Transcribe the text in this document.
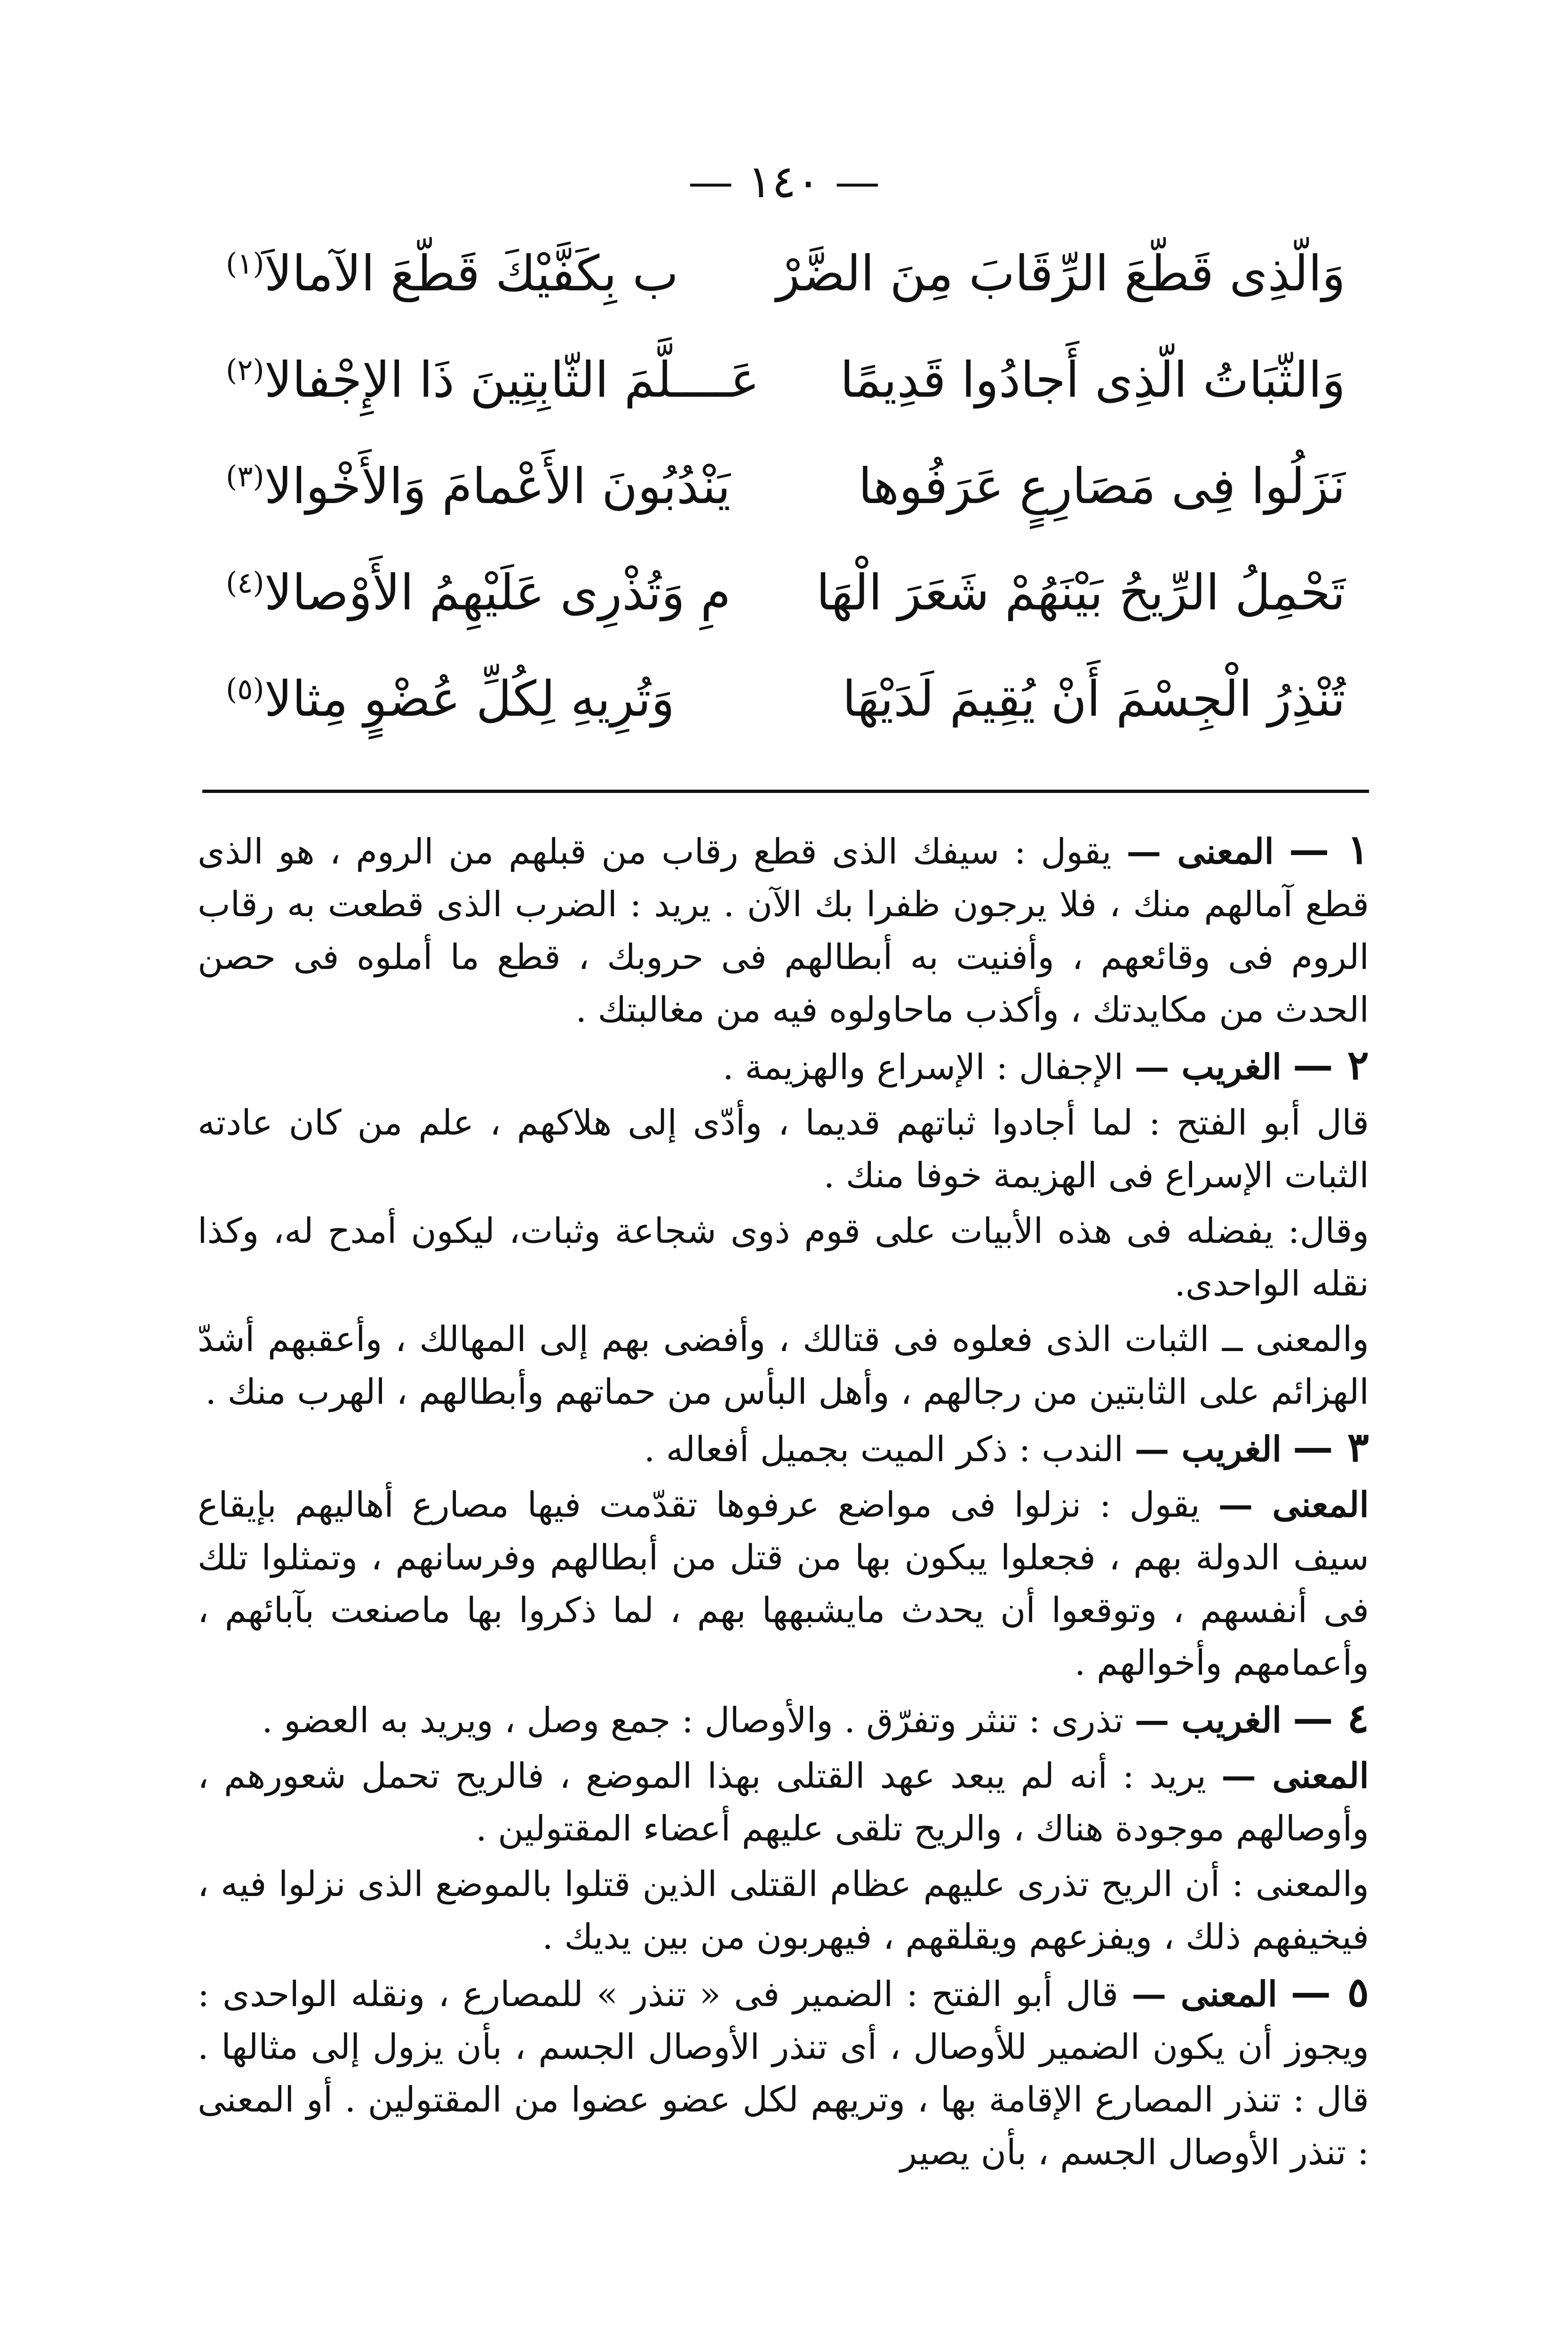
— ١٤٠ —
وَالّذِى قَطّعَ الرِّقَابَ مِنَ الضَّرْ
ب بِكَفَّيْكَ قَطّعَ الآمالاَ$^{(١)}$
وَالثّبَاتُ الّذِى أَجادُوا قَدِيمًا
عَــــلَّمَ الثّابِتِينَ ذَا الإِجْفالا$^{(٢)}$
نَزَلُوا فِى مَصَارِعٍ عَرَفُوها
يَنْدُبُونَ الأَعْمامَ وَالأَخْوالا$^{(٣)}$
تَحْمِلُ الرِّيحُ بَيْنَهُمْ شَعَرَ الْهَا
مِ وَتُذْرِى عَلَيْهِمُ الأَوْصالا$^{(٤)}$
تُنْذِرُ الْجِسْمَ أَنْ يُقِيمَ لَدَيْهَا
وَتُرِيهِ لِكُلِّ عُضْوٍ مِثالا$^{(٥)}$

١ — المعنى — يقول : سيفك الذى قطع رقاب من قبلهم من الروم ، هو الذى قطع آمالهم منك ، فلا يرجون ظفرا بك الآن . يريد : الضرب الذى قطعت به رقاب الروم فى وقائعهم ، وأفنيت به أبطالهم فى حروبك ، قطع ما أملوه فى حصن الحدث من مكايدتك ، وأكذب ماحاولوه فيه من مغالبتك .

٢ — الغريب — الإجفال : الإسراع والهزيمة .

قال أبو الفتح : لما أجادوا ثباتهم قديما ، وأدّى إلى هلاكهم ، علم من كان عادته الثبات الإسراع فى الهزيمة خوفا منك .

وقال: يفضله فى هذه الأبيات على قوم ذوى شجاعة وثبات، ليكون أمدح له، وكذا نقله الواحدى.

والمعنى ــ الثبات الذى فعلوه فى قتالك ، وأفضى بهم إلى المهالك ، وأعقبهم أشدّ الهزائم على الثابتين من رجالهم ، وأهل البأس من حماتهم وأبطالهم ، الهرب منك .

٣ — الغريب — الندب : ذكر الميت بجميل أفعاله .

المعنى — يقول : نزلوا فى مواضع عرفوها تقدّمت فيها مصارع أهاليهم بإيقاع سيف الدولة بهم ، فجعلوا يبكون بها من قتل من أبطالهم وفرسانهم ، وتمثلوا تلك فى أنفسهم ، وتوقعوا أن يحدث مايشبهها بهم ، لما ذكروا بها ماصنعت بآبائهم ، وأعمامهم وأخوالهم .

٤ — الغريب — تذرى : تنثر وتفرّق . والأوصال : جمع وصل ، ويريد به العضو .

المعنى — يريد : أنه لم يبعد عهد القتلى بهذا الموضع ، فالريح تحمل شعورهم ، وأوصالهم موجودة هناك ، والريح تلقى عليهم أعضاء المقتولين .

والمعنى : أن الريح تذرى عليهم عظام القتلى الذين قتلوا بالموضع الذى نزلوا فيه ، فيخيفهم ذلك ، ويفزعهم ويقلقهم ، فيهربون من بين يديك .

٥ — المعنى — قال أبو الفتح : الضمير فى « تنذر » للمصارع ، ونقله الواحدى : ويجوز أن يكون الضمير للأوصال ، أى تنذر الأوصال الجسم ، بأن يزول إلى مثالها . قال : تنذر المصارع الإقامة بها ، وتريهم لكل عضو عضوا من المقتولين . أو المعنى : تنذر الأوصال الجسم ، بأن يصير
